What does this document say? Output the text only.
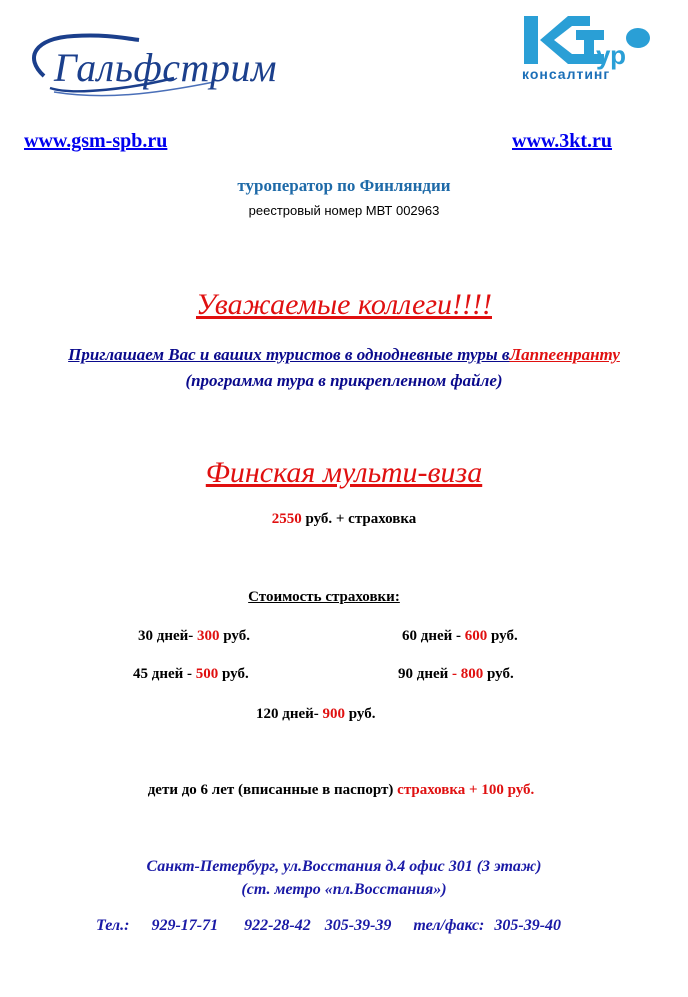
Гальфстрим	ур
консалтинг
www.gsm-spb.ru	www.3kt.ru
туроператор по Финляндии
реестровый номер МВТ 002963
Уважаемые коллеги!!!!
Приглашаем Вас и ваших туристов в однодневные туры вЛаппеенранту
(программа тура в прикрепленном файле)
Финская мульти-виза
2550 руб. + страховка
Стоимость страховки:
30 дней- 300 руб.	60 дней - 600 руб.
45 дней - 500 руб.	90 дней - 800 руб.
120 дней- 900 руб.
дети до 6 лет (вписанные в паспорт) страховка + 100 руб.
Санкт-Петербург, ул.Восстания д.4 офис 301 (3 этаж)
(ст. метро «пл.Восстания»)
Тел.: 929-17-71 922-28-42 305-39-39 тел/факс: 305-39-40
